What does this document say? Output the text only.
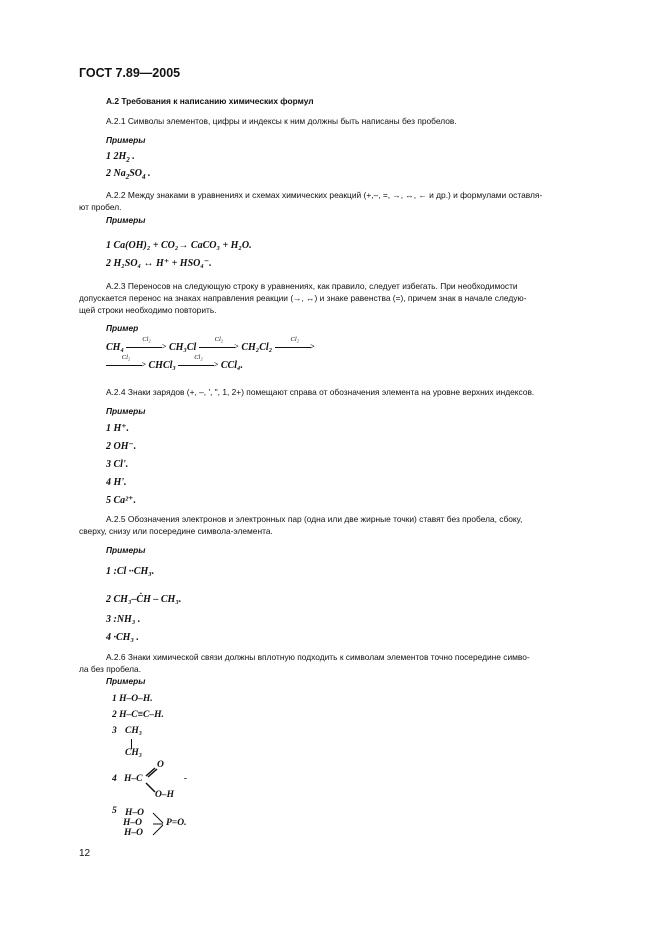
ГОСТ 7.89—2005
А.2 Требования к написанию химических формул
А.2.1 Символы элементов, цифры и индексы к ним должны быть написаны без пробелов.
Примеры
1 $2H_2$ .
2 $Na_2SO_4$ .
А.2.2 Между знаками в уравнениях и схемах химических реакций (+,–, =, →, ↔, ← и др.) и формулами оставля-
ют пробел.
Примеры
1 Ca(OH)₂ + CO₂→ CaCO₃ + H₂O.
2 H₂SO₄ ↔ H⁺ + HSO₄⁻.
А.2.3 Переносов на следующую строку в уравнениях, как правило, следует избегать. При необходимости
допускается перенос на знаках направления реакции (→, ↔) и знаке равенства (=), причем знак в начале следую-
щей строки необходимо повторить.
Пример
CH₄
Cl₂
> CH₃Cl
Cl₂
> CH₂Cl₂
Cl₂
>
Cl₂
> CHCl₃
Cl₂
> CCl₄.
А.2.4 Знаки зарядов (+, –, ', ", 1, 2+) помещают справа от обозначения элемента на уровне верхних индексов.
Примеры
1 H⁺.
2 OH⁻.
3 Cl'.
4 H'.
5 Ca²⁺.
А.2.5 Обозначения электронов и электронных пар (одна или две жирные точки) ставят без пробела, сбоку,
сверху, снизу или посередине символа-элемента.
Примеры
1 :Cl ··CH₃.
2 CH₃–ĊH – CH₃.
3 :NH₃ .
4 ·CH₃ .
А.2.6 Знаки химической связи должны вплотную подходить к символам элементов точно посередине симво-
ла без пробела.
Примеры
1 H–O–H.
2 H–C≡C–H.
3 CH₃
CH₃
4 H–C
O
-
O–H
5 H–O
H–O
H–O
P=O.
12
